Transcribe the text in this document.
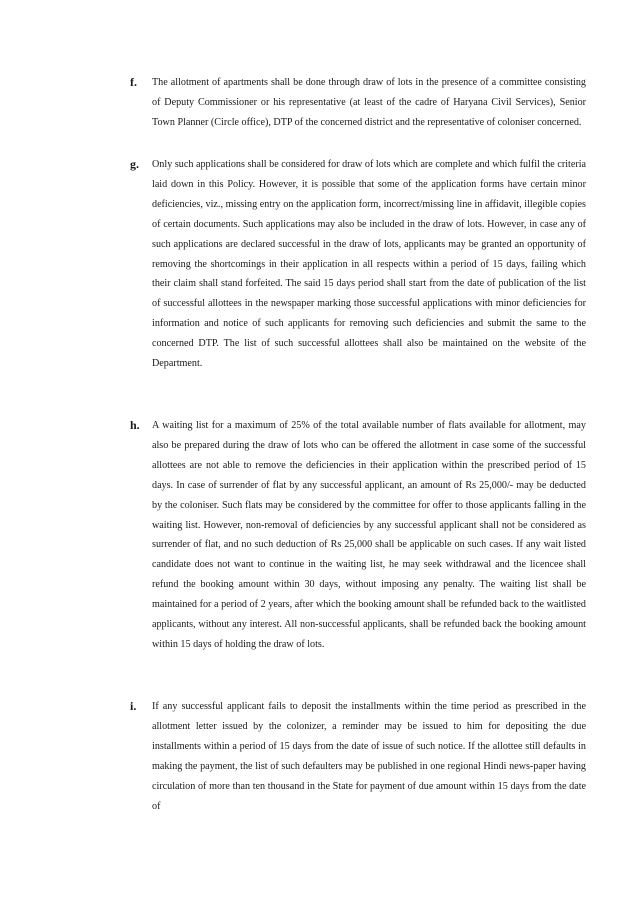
f. The allotment of apartments shall be done through draw of lots in the presence of a committee consisting of Deputy Commissioner or his representative (at least of the cadre of Haryana Civil Services), Senior Town Planner (Circle office), DTP of the concerned district and the representative of coloniser concerned.
g. Only such applications shall be considered for draw of lots which are complete and which fulfil the criteria laid down in this Policy. However, it is possible that some of the application forms have certain minor deficiencies, viz., missing entry on the application form, incorrect/missing line in affidavit, illegible copies of certain documents. Such applications may also be included in the draw of lots. However, in case any of such applications are declared successful in the draw of lots, applicants may be granted an opportunity of removing the shortcomings in their application in all respects within a period of 15 days, failing which their claim shall stand forfeited. The said 15 days period shall start from the date of publication of the list of successful allottees in the newspaper marking those successful applications with minor deficiencies for information and notice of such applicants for removing such deficiencies and submit the same to the concerned DTP. The list of such successful allottees shall also be maintained on the website of the Department.
h. A waiting list for a maximum of 25% of the total available number of flats available for allotment, may also be prepared during the draw of lots who can be offered the allotment in case some of the successful allottees are not able to remove the deficiencies in their application within the prescribed period of 15 days. In case of surrender of flat by any successful applicant, an amount of Rs 25,000/- may be deducted by the coloniser. Such flats may be considered by the committee for offer to those applicants falling in the waiting list. However, non-removal of deficiencies by any successful applicant shall not be considered as surrender of flat, and no such deduction of Rs 25,000 shall be applicable on such cases. If any wait listed candidate does not want to continue in the waiting list, he may seek withdrawal and the licencee shall refund the booking amount within 30 days, without imposing any penalty. The waiting list shall be maintained for a period of 2 years, after which the booking amount shall be refunded back to the waitlisted applicants, without any interest. All non-successful applicants, shall be refunded back the booking amount within 15 days of holding the draw of lots.
i. If any successful applicant fails to deposit the installments within the time period as prescribed in the allotment letter issued by the colonizer, a reminder may be issued to him for depositing the due installments within a period of 15 days from the date of issue of such notice. If the allottee still defaults in making the payment, the list of such defaulters may be published in one regional Hindi news-paper having circulation of more than ten thousand in the State for payment of due amount within 15 days from the date of
